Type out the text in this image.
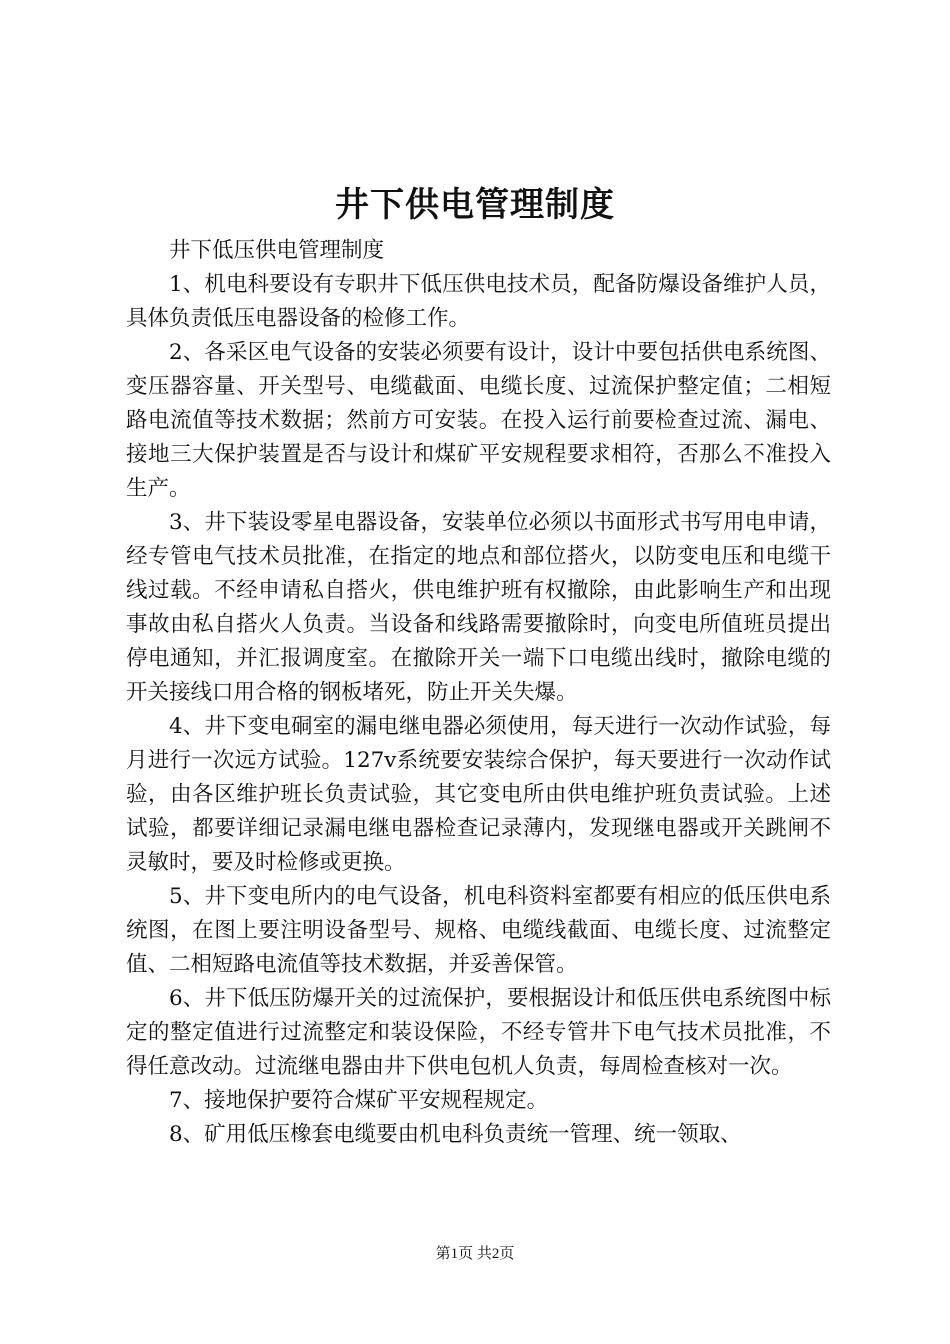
井下供电管理制度

井下低压供电管理制度

1、机电科要设有专职井下低压供电技术员，配备防爆设备维护人员，具体负责低压电器设备的检修工作。

2、各采区电气设备的安装必须要有设计，设计中要包括供电系统图、变压器容量、开关型号、电缆截面、电缆长度、过流保护整定值；二相短路电流值等技术数据；然前方可安装。在投入运行前要检查过流、漏电、接地三大保护装置是否与设计和煤矿平安规程要求相符，否那么不准投入生产。

3、井下装设零星电器设备，安装单位必须以书面形式书写用电申请，经专管电气技术员批准，在指定的地点和部位搭火，以防变电压和电缆干线过载。不经申请私自搭火，供电维护班有权撤除，由此影响生产和出现事故由私自搭火人负责。当设备和线路需要撤除时，向变电所值班员提出停电通知，并汇报调度室。在撤除开关一端下口电缆出线时，撤除电缆的开关接线口用合格的钢板堵死，防止开关失爆。

4、井下变电硐室的漏电继电器必须使用，每天进行一次动作试验，每月进行一次远方试验。127v系统要安装综合保护，每天要进行一次动作试验，由各区维护班长负责试验，其它变电所由供电维护班负责试验。上述试验，都要详细记录漏电继电器检查记录薄内，发现继电器或开关跳闸不灵敏时，要及时检修或更换。

5、井下变电所内的电气设备，机电科资料室都要有相应的低压供电系统图，在图上要注明设备型号、规格、电缆线截面、电缆长度、过流整定值、二相短路电流值等技术数据，并妥善保管。

6、井下低压防爆开关的过流保护，要根据设计和低压供电系统图中标定的整定值进行过流整定和装设保险，不经专管井下电气技术员批准，不得任意改动。过流继电器由井下供电包机人负责，每周检查核对一次。

7、接地保护要符合煤矿平安规程规定。

8、矿用低压橡套电缆要由机电科负责统一管理、统一领取、

第1页 共2页
